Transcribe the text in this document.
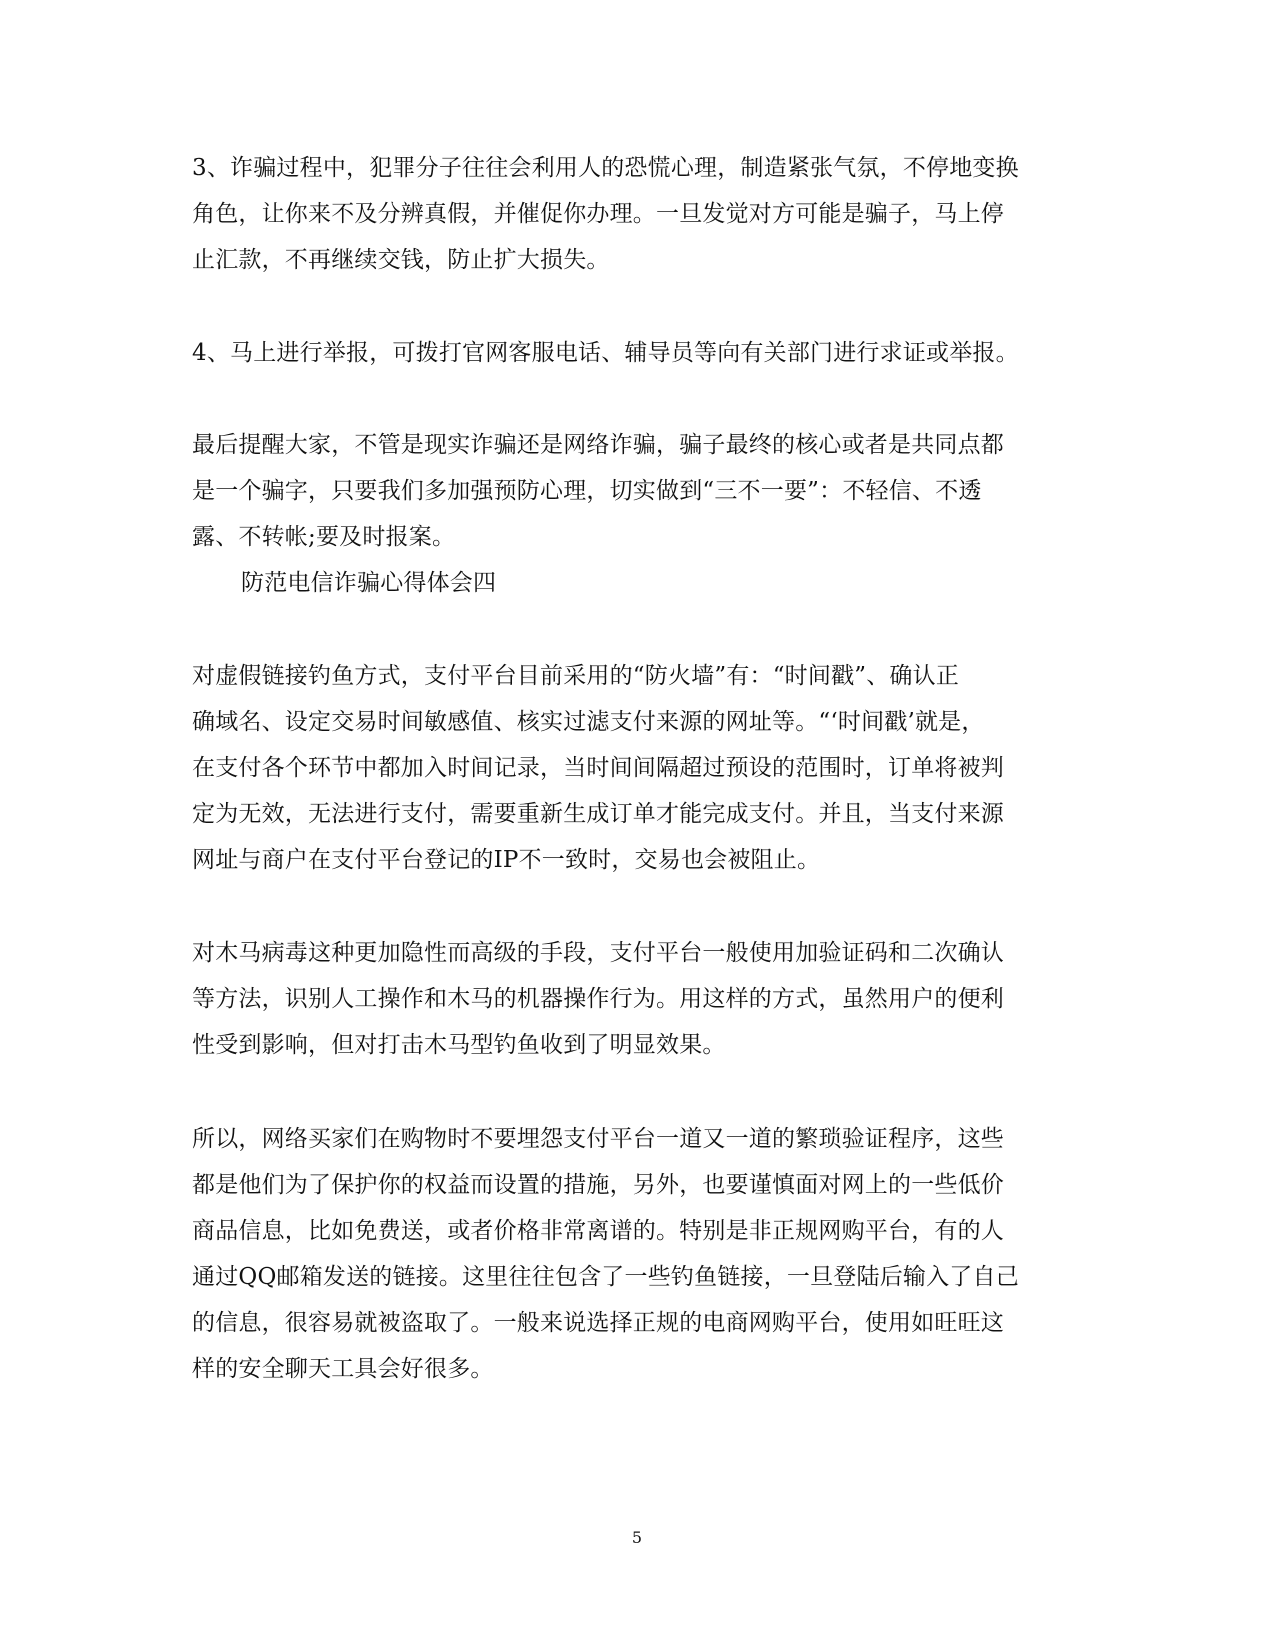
3、诈骗过程中，犯罪分子往往会利用人的恐慌心理，制造紧张气氛，不停地变换
角色，让你来不及分辨真假，并催促你办理。一旦发觉对方可能是骗子，马上停
止汇款，不再继续交钱，防止扩大损失。
4、马上进行举报，可拨打官网客服电话、辅导员等向有关部门进行求证或举报。
最后提醒大家，不管是现实诈骗还是网络诈骗，骗子最终的核心或者是共同点都
是一个骗字，只要我们多加强预防心理，切实做到“三不一要”：不轻信、不透
露、不转帐;要及时报案。
防范电信诈骗心得体会四
对虚假链接钓鱼方式，支付平台目前采用的“防火墙”有：“时间戳”、确认正
确域名、设定交易时间敏感值、核实过滤支付来源的网址等。“‘时间戳’就是，
在支付各个环节中都加入时间记录，当时间间隔超过预设的范围时，订单将被判
定为无效，无法进行支付，需要重新生成订单才能完成支付。并且，当支付来源
网址与商户在支付平台登记的IP不一致时，交易也会被阻止。
对木马病毒这种更加隐性而高级的手段，支付平台一般使用加验证码和二次确认
等方法，识别人工操作和木马的机器操作行为。用这样的方式，虽然用户的便利
性受到影响，但对打击木马型钓鱼收到了明显效果。
所以，网络买家们在购物时不要埋怨支付平台一道又一道的繁琐验证程序，这些
都是他们为了保护你的权益而设置的措施，另外，也要谨慎面对网上的一些低价
商品信息，比如免费送，或者价格非常离谱的。特别是非正规网购平台，有的人
通过QQ邮箱发送的链接。这里往往包含了一些钓鱼链接，一旦登陆后输入了自己
的信息，很容易就被盗取了。一般来说选择正规的电商网购平台，使用如旺旺这
样的安全聊天工具会好很多。
5
